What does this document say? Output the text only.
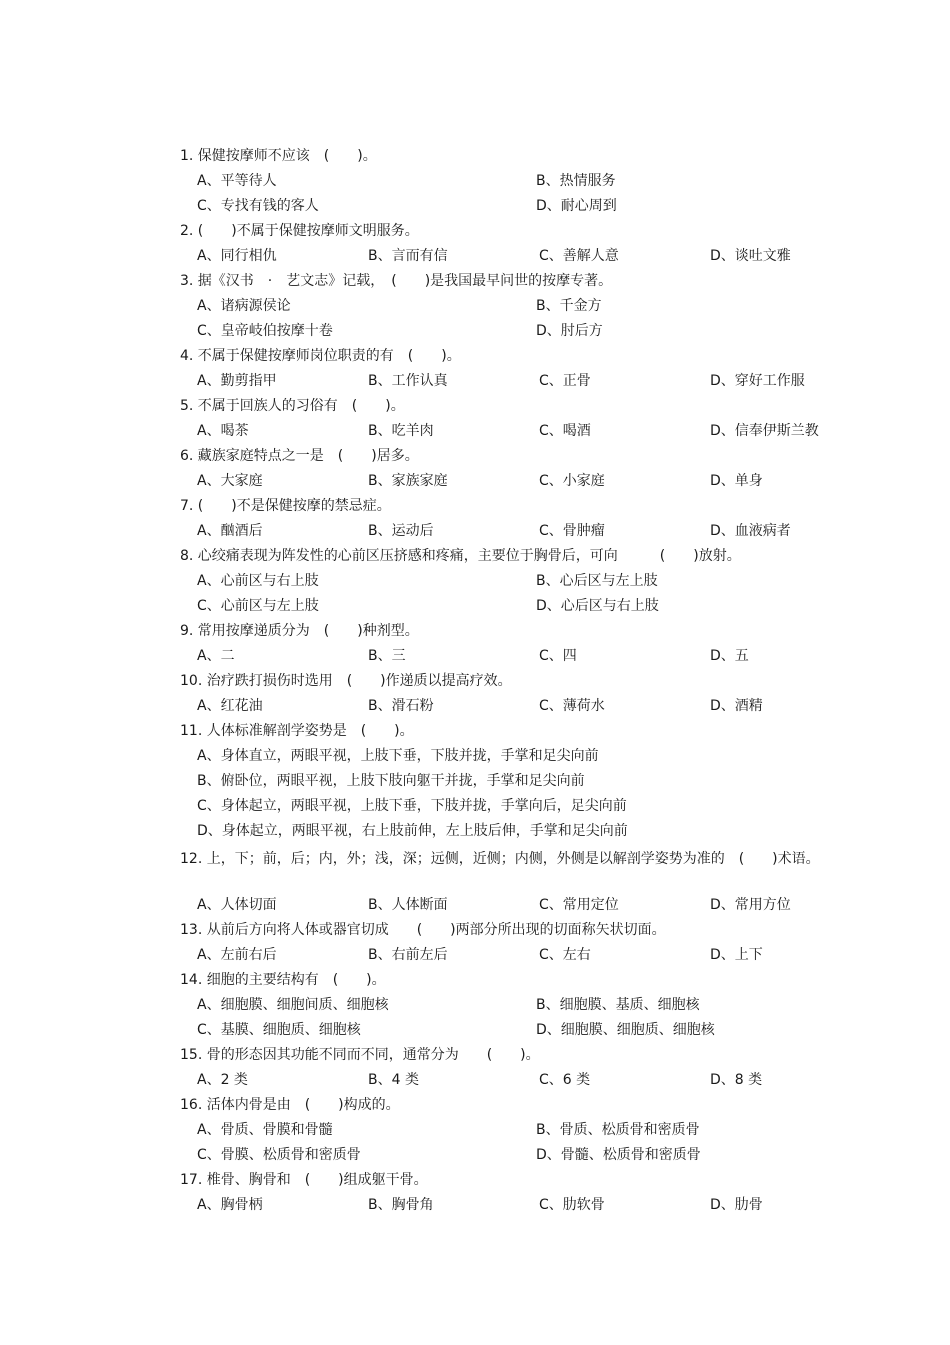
1. 保健按摩师不应该　(　　)。
A、平等待人	B、热情服务
C、专找有钱的客人	D、耐心周到
2. (　　)不属于保健按摩师文明服务。
A、同行相仇	B、言而有信	C、善解人意	D、谈吐文雅
3. 据《汉书　·　艺文志》记载，　(　　)是我国最早问世的按摩专著。
A、诸病源侯论	B、千金方
C、皇帝岐伯按摩十卷	D、肘后方
4. 不属于保健按摩师岗位职责的有　(　　)。
A、勤剪指甲	B、工作认真	C、正骨	D、穿好工作服
5. 不属于回族人的习俗有　(　　)。
A、喝茶	B、吃羊肉	C、喝酒	D、信奉伊斯兰教
6. 藏族家庭特点之一是　(　　)居多。
A、大家庭	B、家族家庭	C、小家庭	D、单身
7. (　　)不是保健按摩的禁忌症。
A、酗酒后	B、运动后	C、骨肿瘤	D、血液病者
8. 心绞痛表现为阵发性的心前区压挤感和疼痛，主要位于胸骨后，可向　　　(　　)放射。
A、心前区与右上肢	B、心后区与左上肢
C、心前区与左上肢	D、心后区与右上肢
9. 常用按摩递质分为　(　　)种剂型。
A、二	B、三	C、四	D、五
10. 治疗跌打损伤时选用　(　　)作递质以提高疗效。
A、红花油	B、滑石粉	C、薄荷水	D、酒精
11. 人体标准解剖学姿势是　(　　)。
A、身体直立，两眼平视，上肢下垂，下肢并拢，手掌和足尖向前
B、俯卧位，两眼平视，上肢下肢向躯干并拢，手掌和足尖向前
C、身体起立，两眼平视，上肢下垂，下肢并拢，手掌向后，足尖向前
D、身体起立，两眼平视，右上肢前伸，左上肢后伸，手掌和足尖向前
12. 上，下；前，后；内，外；浅，深；远侧，近侧；内侧，外侧是以解剖学姿势为准的　(　　)术语。
A、人体切面	B、人体断面	C、常用定位	D、常用方位
13. 从前后方向将人体或器官切成　　(　　)两部分所出现的切面称矢状切面。
A、左前右后	B、右前左后	C、左右	D、上下
14. 细胞的主要结构有　(　　)。
A、细胞膜、细胞间质、细胞核	B、细胞膜、基质、细胞核
C、基膜、细胞质、细胞核	D、细胞膜、细胞质、细胞核
15. 骨的形态因其功能不同而不同，通常分为　　(　　)。
A、2 类	B、4 类	C、6 类	D、8 类
16. 活体内骨是由　(　　)构成的。
A、骨质、骨膜和骨髓	B、骨质、松质骨和密质骨
C、骨膜、松质骨和密质骨	D、骨髓、松质骨和密质骨
17. 椎骨、胸骨和　(　　)组成躯干骨。
A、胸骨柄	B、胸骨角	C、肋软骨	D、肋骨
